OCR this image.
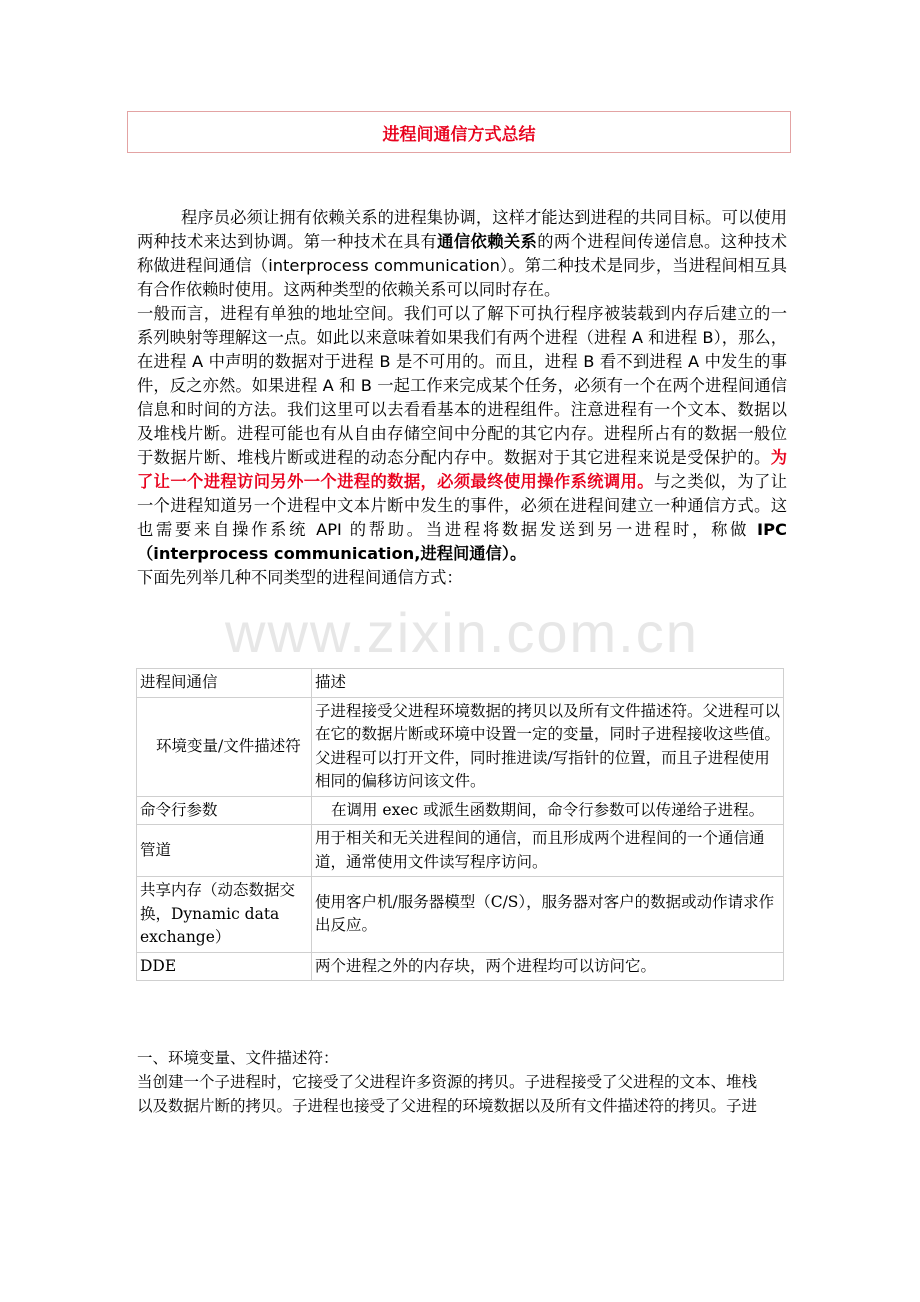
进程间通信方式总结
www.zixin.com.cn

程序员必须让拥有依赖关系的进程集协调，这样才能达到进程的共同目标。可以使用两种技术来达到协调。第一种技术在具有通信依赖关系的两个进程间传递信息。这种技术称做进程间通信（interprocess communication）。第二种技术是同步，当进程间相互具有合作依赖时使用。这两种类型的依赖关系可以同时存在。

一般而言，进程有单独的地址空间。我们可以了解下可执行程序被装载到内存后建立的一系列映射等理解这一点。如此以来意味着如果我们有两个进程（进程 A 和进程 B），那么，在进程 A 中声明的数据对于进程 B 是不可用的。而且，进程 B 看不到进程 A 中发生的事件，反之亦然。如果进程 A 和 B 一起工作来完成某个任务，必须有一个在两个进程间通信信息和时间的方法。我们这里可以去看看基本的进程组件。注意进程有一个文本、数据以及堆栈片断。进程可能也有从自由存储空间中分配的其它内存。进程所占有的数据一般位于数据片断、堆栈片断或进程的动态分配内存中。数据对于其它进程来说是受保护的。为了让一个进程访问另外一个进程的数据，必须最终使用操作系统调用。与之类似，为了让一个进程知道另一个进程中文本片断中发生的事件，必须在进程间建立一种通信方式。这也需要来自操作系统 API 的帮助。当进程将数据发送到另一进程时，称做 IPC（interprocess communication,进程间通信）。

下面先列举几种不同类型的进程间通信方式：

进程间通信	描述
环境变量/文件描述符	子进程接受父进程环境数据的拷贝以及所有文件描述符。父进程可以在它的数据片断或环境中设置一定的变量，同时子进程接收这些值。父进程可以打开文件，同时推进读/写指针的位置，而且子进程使用相同的偏移访问该文件。
命令行参数	在调用 exec 或派生函数期间，命令行参数可以传递给子进程。
管道	用于相关和无关进程间的通信，而且形成两个进程间的一个通信通道，通常使用文件读写程序访问。
共享内存（动态数据交换，Dynamic data exchange）	使用客户机/服务器模型（C/S），服务器对客户的数据或动作请求作出反应。
DDE	两个进程之外的内存块，两个进程均可以访问它。

一、环境变量、文件描述符：

当创建一个子进程时，它接受了父进程许多资源的拷贝。子进程接受了父进程的文本、堆栈

以及数据片断的拷贝。子进程也接受了父进程的环境数据以及所有文件描述符的拷贝。子进
